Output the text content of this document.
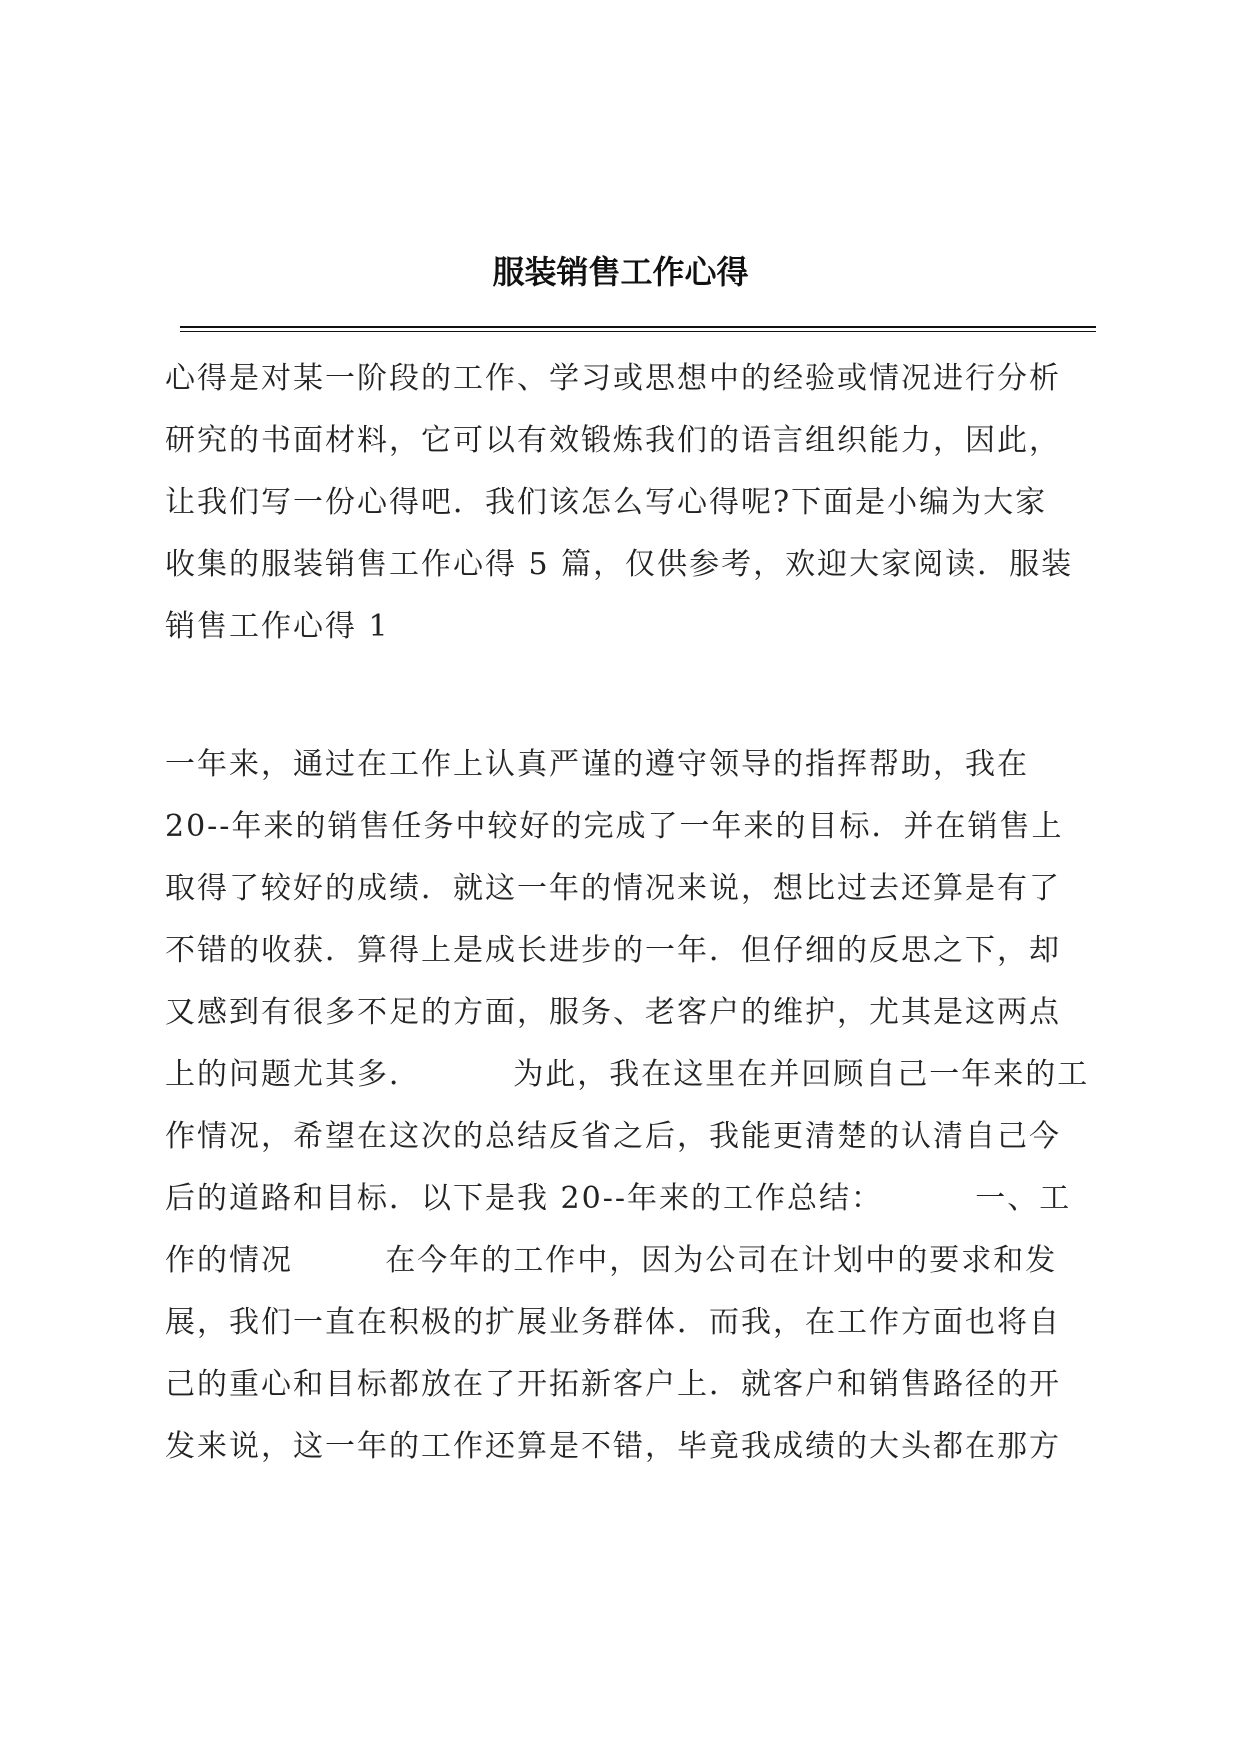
服装销售工作心得

心得是对某一阶段的工作、学习或思想中的经验或情况进行分析
研究的书面材料，它可以有效锻炼我们的语言组织能力，因此，
让我们写一份心得吧．我们该怎么写心得呢?下面是小编为大家
收集的服装销售工作心得 5 篇，仅供参考，欢迎大家阅读．服装
销售工作心得 1

一年来，通过在工作上认真严谨的遵守领导的指挥帮助，我在
20--年来的销售任务中较好的完成了一年来的目标．并在销售上
取得了较好的成绩．就这一年的情况来说，想比过去还算是有了
不错的收获．算得上是成长进步的一年．但仔细的反思之下，却
又感到有很多不足的方面，服务、老客户的维护，尤其是这两点
上的问题尤其多．        为此，我在这里在并回顾自己一年来的工
作情况，希望在这次的总结反省之后，我能更清楚的认清自己今
后的道路和目标．以下是我 20--年来的工作总结：        一、工
作的情况        在今年的工作中，因为公司在计划中的要求和发
展，我们一直在积极的扩展业务群体．而我，在工作方面也将自
己的重心和目标都放在了开拓新客户上．就客户和销售路径的开
发来说，这一年的工作还算是不错，毕竟我成绩的大头都在那方
